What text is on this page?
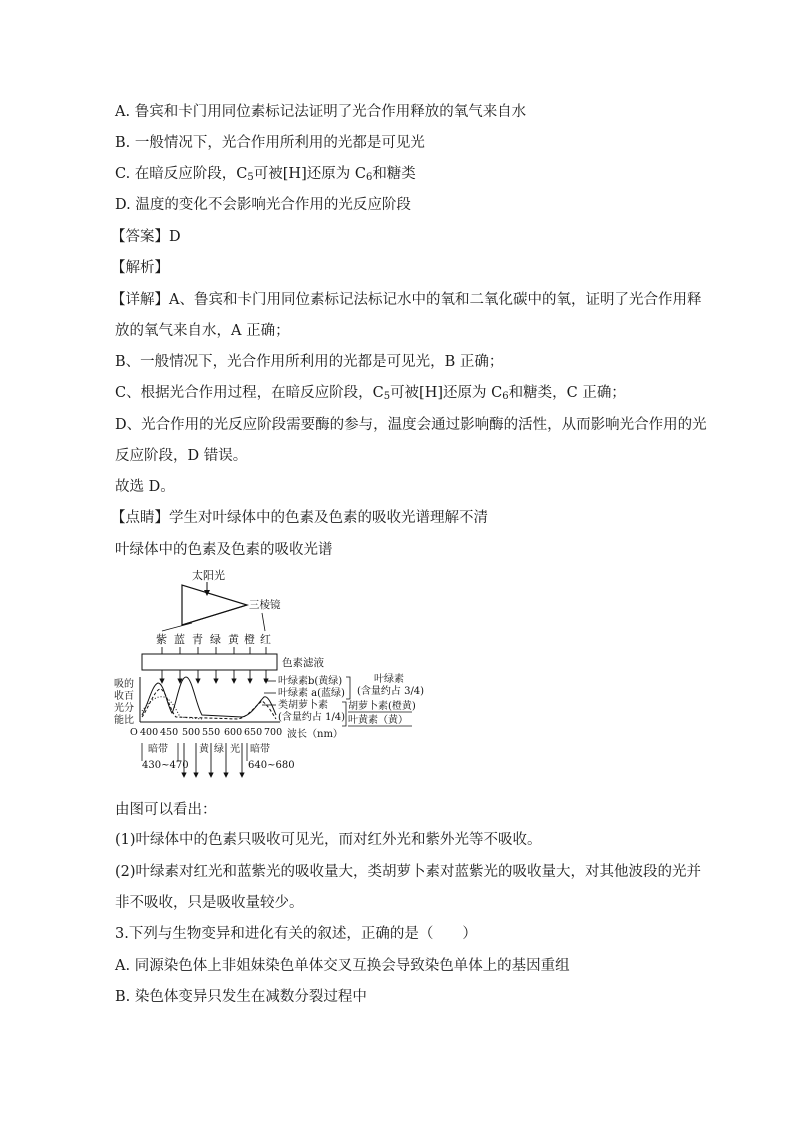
A. 鲁宾和卡门用同位素标记法证明了光合作用释放的氧气来自水
B. 一般情况下，光合作用所利用的光都是可见光
C. 在暗反应阶段，$C_5$可被[H]还原为 $C_6$和糖类
D. 温度的变化不会影响光合作用的光反应阶段
【答案】D
【解析】
【详解】A、鲁宾和卡门用同位素标记法标记水中的氧和二氧化碳中的氧，证明了光合作用释
放的氧气来自水，A 正确；
B、一般情况下，光合作用所利用的光都是可见光，B 正确；
C、根据光合作用过程，在暗反应阶段，$C_5$可被[H]还原为 $C_6$和糖类，C 正确；
D、光合作用的光反应阶段需要酶的参与，温度会通过影响酶的活性，从而影响光合作用的光
反应阶段，D 错误。
故选 D。
【点睛】学生对叶绿体中的色素及色素的吸收光谱理解不清
叶绿体中的色素及色素的吸收光谱
太阳光
三棱镜
紫 蓝 青 绿 黄 橙 红
色素滤液
吸的
收百
光分
能比
O 400 450 500 550 600 650 700 波长（nm）
叶绿素b(黄绿)
叶绿素 a(蓝绿)
类胡萝卜素
(含量约占 1/4)
叶绿素
(含量约占 3/4)
胡萝卜素(橙黄)
叶黄素（黄）
暗带
430~470
黄 绿 光 暗带
640~680
由图可以看出：
(1)叶绿体中的色素只吸收可见光，而对红外光和紫外光等不吸收。
(2)叶绿素对红光和蓝紫光的吸收量大，类胡萝卜素对蓝紫光的吸收量大，对其他波段的光并
非不吸收，只是吸收量较少。
3.下列与生物变异和进化有关的叙述，正确的是（　　）
A. 同源染色体上非姐妹染色单体交叉互换会导致染色单体上的基因重组
B. 染色体变异只发生在减数分裂过程中
